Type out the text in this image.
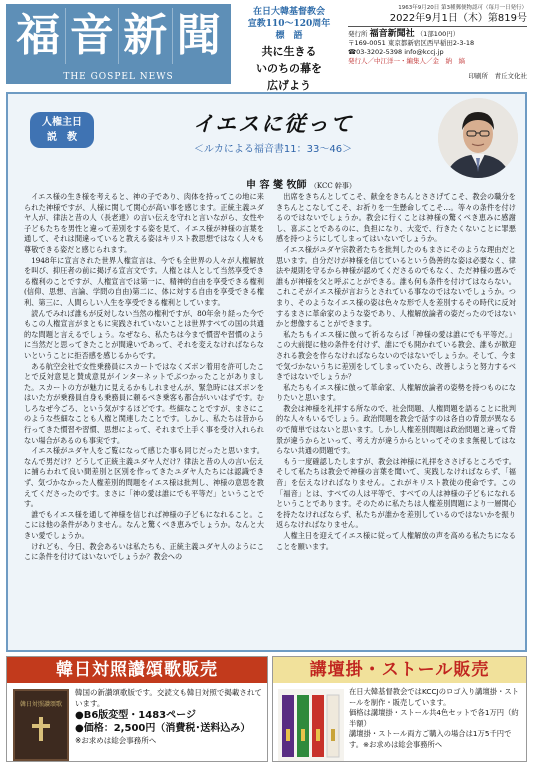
福 音 新 聞
THE GOSPEL NEWS
在日大韓基督教会
宣教110〜120周年
標　語
共に生きる
いのちの幕を
広げよう
1963年9月20日 第3種郵便物認可（毎月一日発行）
2022年9月1日（木）第819号
発行所 福音新聞社 （1部100円）
〒169-0051 東京都新宿区西早稲田2-3-18
☎03-3202-5398 info@kccj.jp
発行人／中江洋一・編集人／金　納　縞
印刷所　青丘文化社
人権主日
説　教
イエスに従って
＜ルカによる福音書11：33〜46＞
申 容 燮 牧師 （KCC 幹事）

イエス様の生き様を考えると、神の子であり、肉体を持ってこの地に来られた神様ですが、人様に関して関心が高い事を感じます。正統主義ユダヤ人が、律法と昔の人（長老達）の言い伝えを守れと言いながら、女性や子どもたちを男性と違って差別をする姿を見て、イエス様が神様の言葉を通して、それは間違っていると教える姿はキリスト教思想ではなく人々も尊敬できる姿だと感じられます。

1948年に宣言された世界人権宣言は、今でも全世界の人々が人権解放を叫び、抑圧者の前に掲げる宣言文です。人権とは人として当然享受できる権利のことですが、人権宣言では第一に、精神的自由を享受できる権利(信仰、思想、言論、学問の自由)第二に、体に対する自由を享受できる権利、第三に、人間らしい人生を享受できる権利としています。

読んでみれば誰もが反対しない当然の権利ですが、80年余り経った今でもこの人権宣言がまともに実践されていないことは世界すべての国の共通的な問題と言えるでしょう。なぜなら、私たちは今まで慣習や習慣のように当然だと思ってきたことが間違いであって、それを変えなければならないということに拒否感を感じるからです。

ある航空会社で女性乗務員にスカートではなくズボン着用を許可したことで反対意見と賛成意見がインターネットでぶつかったことがありました。スカートの方が魅力に見えるかもしれませんが、緊急時にはズボンをはいた方が乗務員自身も乗務員に頼るべき乗客も都合がいいはずです。むしろなぜ今ごろ、という気がするほどです。些細なことですが、まさにこのような些細なことも人権と関連したことです。しかし、私たちは昔から行ってきた慣習や習慣、思想によって、それまで上手く事を受け入れられない場合があるのも事実です。

イエス様がユダヤ人をご覧になって感じた事も同じだったと思います。なんで男だけ？どうして正統主義ユダヤ人だけ？律法と昔の人の言い伝えに捕らわれて良い間差別と区別を作ってきたユダヤ人たちには認識できず、気づかなかった人権差別的問題をイエス様は批判し、神様の意思を教えてくださったのです。まさに「神の愛は誰にでも平等だ」ということです。

誰でもイエス様を通して神様を信じれば神様の子どもになれること。ここには他の条件がありません。なんと驚くべき恵みでしょうか。なんと大きい愛でしょうか。

けれども、今日、教会あるいは私たちも、正統主義ユダヤ人のようにここに条件を付けてはいないでしょうか？教会への

出席をきちんとしてこそ、献金をきちんとささげてこそ、教会の職分をきちんとこなしてこそ、お祈りを一生懸命してこそ…。等々の条件を付けるのではないでしょうか。教会に行くことは神様の驚くべき恵みに感謝し、喜ぶことであるのに、負担になり、大変で、行きたくないことに罪悪感を持つようにしてしまってはいないでしょうか。

イエス様がユダヤ宗教者たちを批判したのもまさにそのような理由だと思います。自分だけが神様を信じているという偽善的な姿は必要なく、律法や規則を守るから神様が認めてくださるのでもなく、ただ神様の恵みで誰もが神様を父と呼ぶことができる。誰も何も条件を付けてはならない。これこそがイエス様が言おうとされている事なのではないでしょうか。つまり、そのようなイエス様の姿は色々な形で人を差別するその時代に反対するまさに革命家のような姿であり、人権解放論者の姿だったのではないかと想像することができます。

私たちもイエス様に倣って祈るならば「神様の愛は誰にでも平等だ。」この大前提に他の条件を付けず、誰にでも開かれている教会、誰もが歓迎される教会を作らなければならないのではないでしょうか。そして、今まで気づかないうちに差別をしてしまっていたら、改善しようと努力するべきではないでしょうか？

私たちもイエス様に倣って革命家、人権解放論者の姿勢を持つものになりたいと思います。

教会は神様を礼拝する所なので、社会問題、人権問題を語ることに批判的な人々もいるでしょう。政治問題を教会で話すのは各自の背景が異なるので簡単ではないと思います。しかし人権差別問題は政治問題と違って背景が違うからといって、考え方が違うからといってそのまま無視してはならない共通の問題です。

もう一度確認したしますが、教会は神様に礼拝をささげるところです。そして私たちは教会で神様の言葉を聞いて、実践しなければならず、「福音」を伝えなければなりません。これがキリスト教徒の使命です。この「福音」とは、すべての人は平等で、すべての人は神様の子どもになれるということであります。そのために私たちは人権差別問題により一層関心を持たなければならず、私たちが誰かを差別しているのではないかを振り返らなければなりません。

人権主日を迎えてイエス様に従って人権解放の声を高める私たちになることを願います。

韓日対照讃頌歌販売
韓日対照讃頌歌
韓国の新讃頌歌版です。交読文も韓日対照で掲載されています。
●B6版変型・1483ページ
●価格：2,500円（消費税･送料込み）
※お求めは総会事務所へ
講壇掛・ストール販売
在日大韓基督教会ではKCCJのロゴ入り講壇掛・ストールを制作・販売しています。
価格は講壇掛・ストール共4色セットで各1万円（約半額）
講壇掛・ストール両方ご購入の場合は1万5千円です。※お求めは総会事務所へ
